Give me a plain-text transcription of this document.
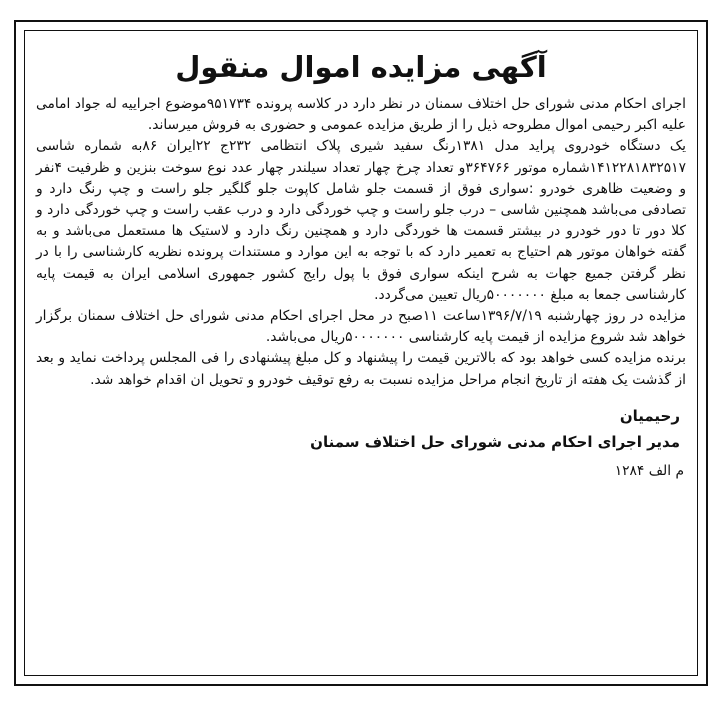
آگهی مزایده اموال منقول

اجرای احکام مدنی شورای حل اختلاف سمنان در نظر دارد در کلاسه پرونده ۹۵۱۷۳۴موضوع اجراییه له جواد امامی علیه اکبر رحیمی اموال مطروحه ذیل را از طریق مزایده عمومی و حضوری به فروش میرساند.

یک دستگاه خودروی پراید مدل ۱۳۸۱رنگ سفید شیری پلاک انتظامی ۲۳۲ج ۲۲ایران ۸۶به شماره شاسی ۱۴۱۲۲۸۱۸۳۲۵۱۷شماره موتور ۳۶۴۷۶۶و تعداد چرخ چهار تعداد سیلندر چهار عدد نوع سوخت بنزین و ظرفیت ۴نفر و وضعیت ظاهری خودرو :سواری فوق از قسمت جلو شامل کاپوت جلو گلگیر جلو راست و چپ رنگ دارد و تصادفی می‌باشد همچنین شاسی – درب جلو راست و چپ خوردگی دارد و درب عقب راست و چپ خوردگی دارد و کلا دور تا دور خودرو در بیشتر قسمت ها خوردگی دارد و همچنین رنگ دارد و لاستیک ها مستعمل می‌باشد و به گفته خواهان موتور هم احتیاج به تعمیر دارد که با توجه به این موارد و مستندات پرونده نظریه کارشناسی را با در نظر گرفتن جمیع جهات به شرح اینکه سواری فوق با پول رایج کشور جمهوری اسلامی ایران به قیمت پایه کارشناسی جمعا به مبلغ ۵۰۰۰۰۰۰۰ریال تعیین می‌گردد.

مزایده در روز چهارشنبه ۱۳۹۶/۷/۱۹ساعت ۱۱صبح در محل اجرای احکام مدنی شورای حل اختلاف سمنان برگزار خواهد شد شروع مزایده از قیمت پایه کارشناسی ۵۰۰۰۰۰۰۰ریال می‌باشد.

برنده مزایده کسی خواهد بود که بالاترین قیمت را پیشنهاد و کل مبلغ پیشنهادی را فی المجلس پرداخت نماید و بعد از گذشت یک هفته از تاریخ انجام مراحل مزایده نسبت به رفع توقیف خودرو و تحویل ان اقدام خواهد شد.

رحیمیان
مدیر اجرای احکام مدنی شورای حل اختلاف سمنان
م الف ۱۲۸۴
